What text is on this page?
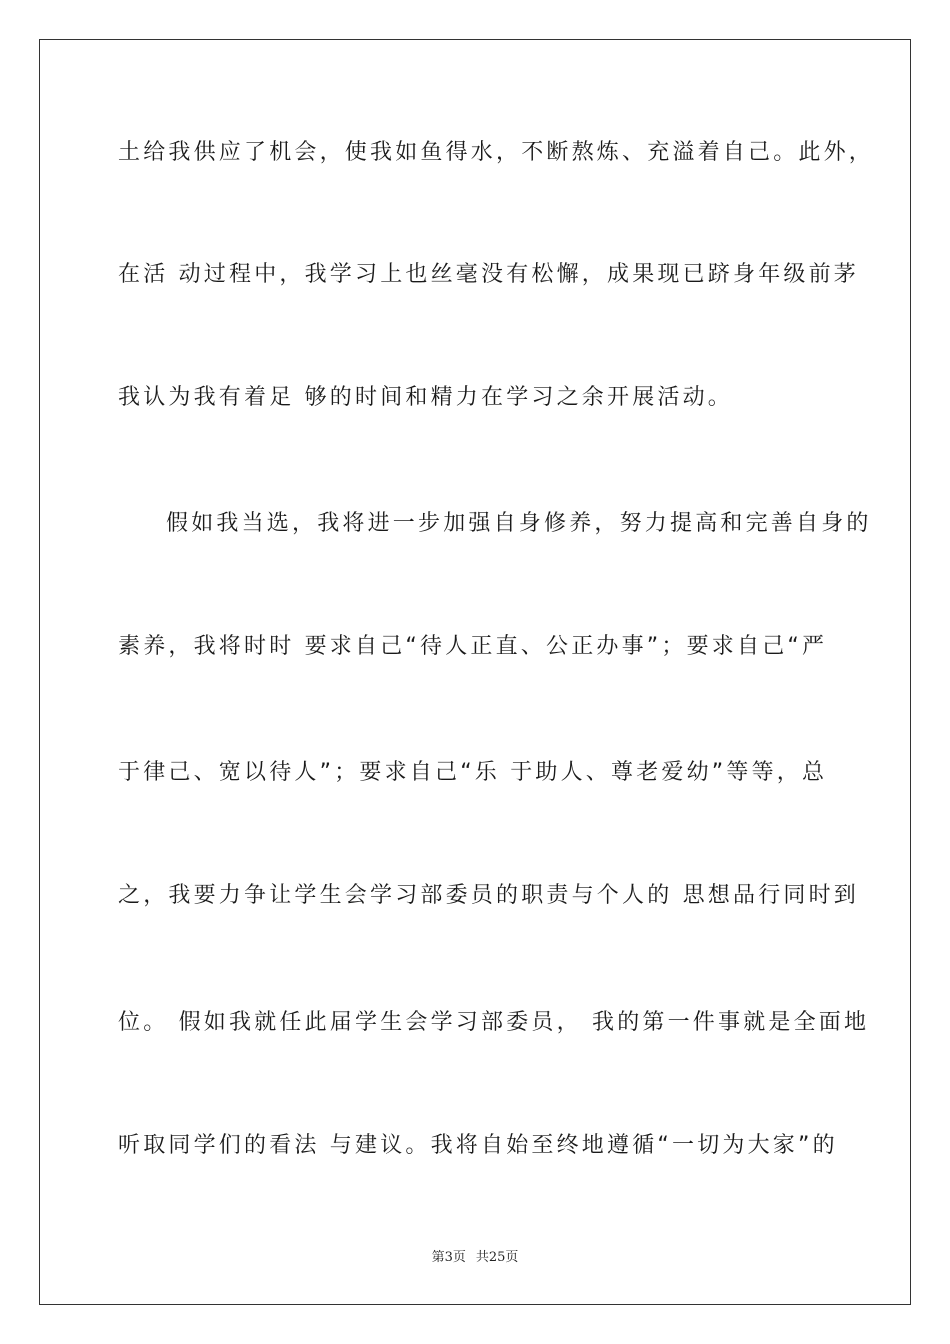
土给我供应了机会，使我如鱼得水，不断熬炼、充溢着自己。此外，
在活 动过程中，我学习上也丝毫没有松懈，成果现已跻身年级前茅
我认为我有着足 够的时间和精力在学习之余开展活动。
假如我当选，我将进一步加强自身修养，努力提高和完善自身的
素养，我将时时 要求自己“待人正直、公正办事”；要求自己“严
于律己、宽以待人”；要求自己“乐 于助人、尊老爱幼”等等，总
之，我要力争让学生会学习部委员的职责与个人的 思想品行同时到
位。 假如我就任此届学生会学习部委员， 我的第一件事就是全面地
听取同学们的看法 与建议。我将自始至终地遵循“一切为大家”的
第3页 共25页
